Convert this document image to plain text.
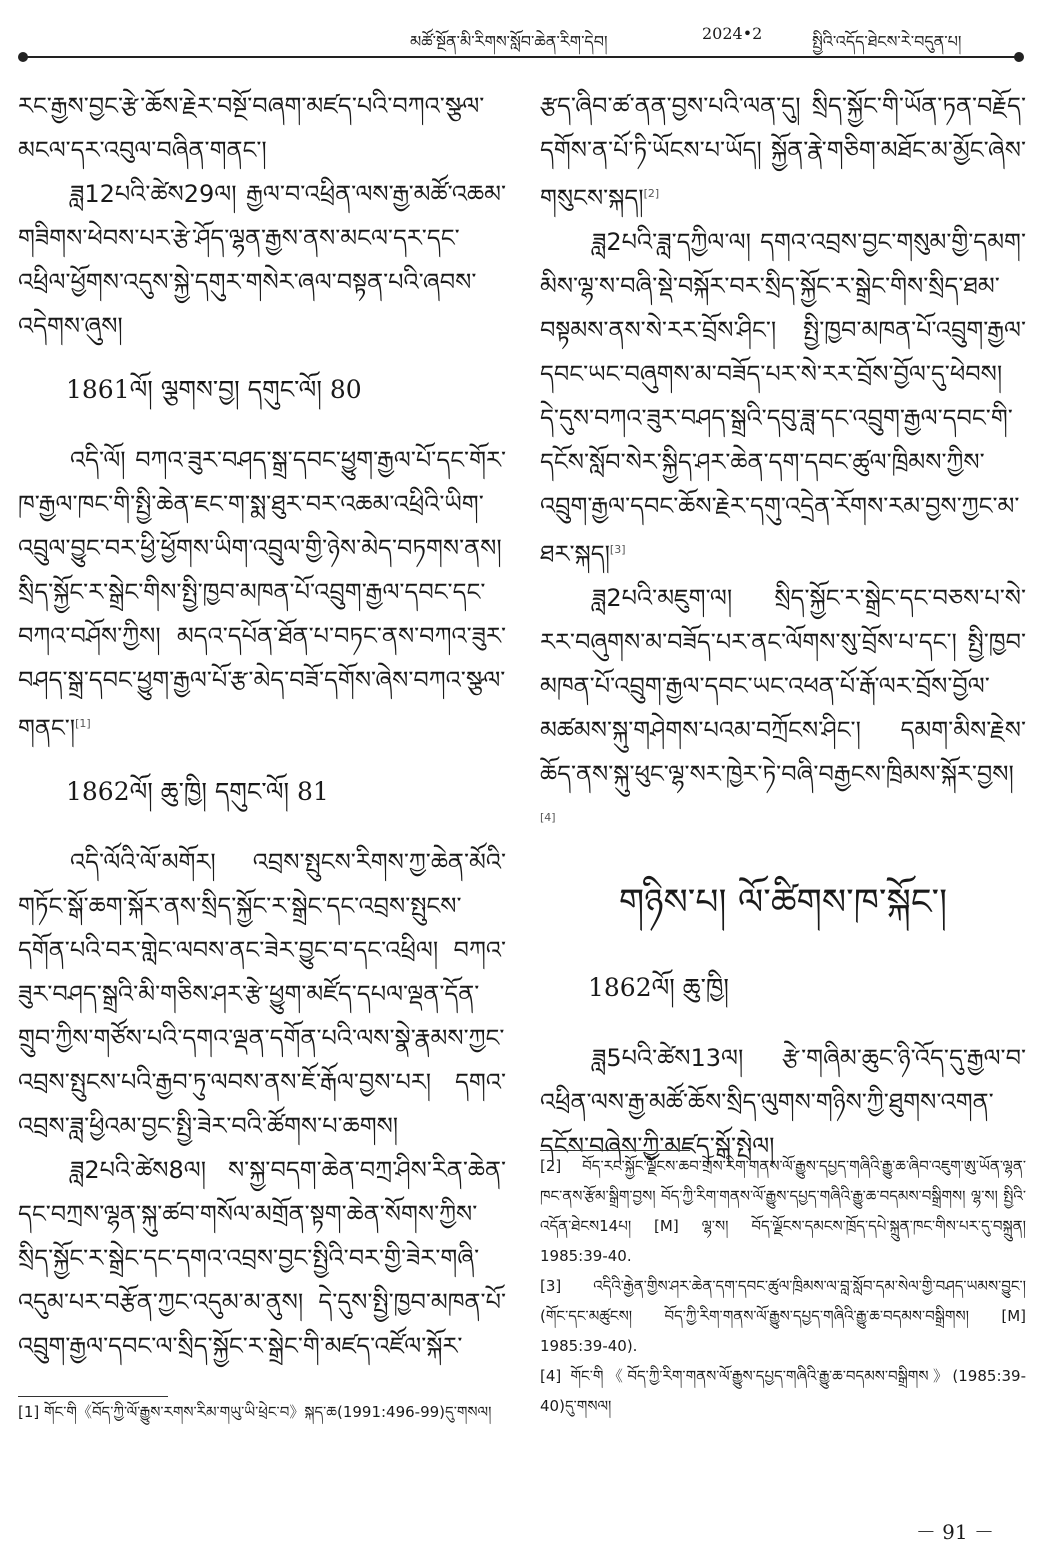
མཚོ་སྔོན་མི་རིགས་སློབ་ཆེན་རིག་དེབ།	2024•2	སྤྱིའི་འདོད་ཐེངས་རེ་བདུན་པ།

རང་རྒྱས་བྱང་རྩེ་ཆོས་རྗེར་བསྔོ་བཞག་མཛད་པའི་བཀའ་སྩལ་མངལ་དར་འབུལ་བཞིན་གནང་།

ཟླ12པའི་ཚེས29ལ། རྒྱལ་བ་འཕྲིན་ལས་རྒྱ་མཚོ་འཆམ་གཟིགས་ཕེབས་པར་རྩེ་ཤོད་ལྷན་རྒྱས་ནས་མངལ་དར་དང་འཕྲིལ་ཕྱོགས་འདུས་སྐྱེ་དགུར་གསེར་ཞལ་བསྟན་པའི་ཞབས་འདེགས་ཞུས།

1861ལོ། ལྕགས་བྱ། དགུང་ལོ། 80

འདི་ལོ། བཀའ་ཟུར་བཤད་སྒྲ་དབང་ཕྱུག་རྒྱལ་པོ་དང་གོར་ཁ་རྒྱལ་ཁང་གི་སྤྱི་ཆེན་ཇང་ག་སྨ་ཐུར་བར་འཆམ་འཕྲིའི་ཡིག་འབྲུལ་བྱུང་བར་ཕྱི་ཕྱོགས་ཡིག་འབྲུལ་གྱི་ཉེས་མེད་བཏགས་ནས། སྲིད་སྐྱོང་ར་སྒྲེང་གིས་སྤྱི་ཁྱབ་མཁན་པོ་འབྲུག་རྒྱལ་དབང་དང་བཀའ་བཤོས་ཀྱིས། མདའ་དཔོན་ཐོན་པ་བཏང་ནས་བཀའ་ཟུར་བཤད་སྒྲ་དབང་ཕྱུག་རྒྱལ་པོ་རྩ་མེད་བཟོ་དགོས་ཞེས་བཀའ་སྩལ་གནང་།[1]

1862ལོ། ཆུ་ཁྱི། དགུང་ལོ། 81

འདི་ལོའི་ལོ་མགོར། འབྲས་སྤུངས་རིགས་ཀྱ་ཆེན་མོའི་གཏོང་སྒོ་ཆག་སྐོར་ནས་སྲིད་སྐྱོང་ར་སྒྲེང་དང་འབྲས་སྤུངས་དགོན་པའི་བར་གླེང་ལབས་ནང་ཟེར་བྱུང་བ་དང་འཕྲིལ། བཀའ་ཟུར་བཤད་སྒྲའི་མི་གཅིས་ཤར་རྩེ་ཕྱུག་མཛོད་དཔལ་ལྡན་དོན་གྲུབ་ཀྱིས་གཙོས་པའི་དགའ་ལྡན་དགོན་པའི་ལས་སྣེ་རྣམས་ཀྱང་འབྲས་སྤུངས་པའི་རྒྱབ་ཏུ་ལབས་ནས་ཇོ་རྒོལ་བྱས་པར། དགའ་འབྲས་ཟླ་ཕྱིའམ་བྱང་སྤྱི་ཟེར་བའི་ཚོགས་པ་ཆགས།

ཟླ2པའི་ཚེས8ལ། ས་སྐྱ་བདག་ཆེན་བཀྲ་ཤིས་རིན་ཆེན་དང་བཀྲས་ལྷན་སྐུ་ཚབ་གསོལ་མགྲོན་སྟག་ཆེན་སོགས་ཀྱིས་སྲིད་སྐྱོང་ར་སྒྲེང་དང་དགའ་འབྲས་བྱང་སྤྱིའི་བར་གྱི་ཟེར་གཞི་འདུམ་པར་བརྩོན་ཀྱང་འདུམ་མ་ནུས། དེ་དུས་སྤྱི་ཁྱབ་མཁན་པོ་འབྲུག་རྒྱལ་དབང་ལ་སྲིད་སྐྱོང་ར་སྒྲེང་གི་མཛད་འཛོལ་སྐོར་

[1] གོང་གི《བོད་ཀྱི་ལོ་རྒྱུས་རགས་རིམ་གཡུ་ཡི་ཕྲེང་བ》སྐད་ཆ(1991:496-99)དུ་གསལ།

རྩད་ཞིབ་ཚ་ནན་བྱས་པའི་ལན་དུ། སྲིད་སྐྱོང་གི་ཡོན་ཏན་བརྗོད་དགོས་ན་པོ་ཏི་ཡོངས་པ་ཡོད། སྐྱོན་རྣེ་གཅིག་མཐོང་མ་མྱོང་ཞེས་གསུངས་སྐད།[2]

ཟླ2པའི་ཟླ་དཀྱིལ་ལ། དགའ་འབྲས་བྱང་གསུམ་གྱི་དམག་མིས་ལྷ་ས་བཞི་སྡེ་བསྐོར་བར་སྲིད་སྐྱོང་ར་སྒྲེང་གིས་སྲིད་ཐམ་བསྟམས་ནས་སེ་རར་བྲོས་ཤིང་། སྤྱི་ཁྱབ་མཁན་པོ་འབྲུག་རྒྱལ་དབང་ཡང་བཞུགས་མ་བཟོད་པར་སེ་རར་བྲོས་བྱོལ་དུ་ཕེབས། དེ་དུས་བཀའ་ཟུར་བཤད་སྒྲའི་དབུ་ཟླ་དང་འབྲུག་རྒྱལ་དབང་གི་དངོས་སློབ་སེར་སྐྱིད་ཤར་ཆེན་དག་དབང་ཚུལ་ཁྲིམས་ཀྱིས་འབྲུག་རྒྱལ་དབང་ཆོས་རྗེར་དགུ་འདྲེན་རོགས་རམ་བྱས་ཀྱང་མ་ཐར་སྐད།[3]

ཟླ2པའི་མཇུག་ལ། སྲིད་སྐྱོང་ར་སྒྲེང་དང་བཅས་པ་སེ་རར་བཞུགས་མ་བཟོད་པར་ནང་ལོགས་སུ་བྲོས་པ་དང་། སྤྱི་ཁྱབ་མཁན་པོ་འབྲུག་རྒྱལ་དབང་ཡང་འཕན་པོ་རྒོ་ལར་བྲོས་བྱོལ་མཚམས་སྐུ་གཤེགས་པའམ་བཀྲོངས་ཤིང་། དམག་མིས་རྗེས་ཆོད་ནས་སྐུ་ཕུང་ལྷ་སར་ཁྱེར་ཏེ་བཞི་བརྒྱངས་ཁྲིམས་སྐོར་བྱས།[4]

གཉིས་པ། ལོ་ཚིགས་ཁ་སྐོང་།
1862ལོ། ཆུ་ཁྱི།

ཟླ5པའི་ཚེས13ལ། རྩེ་གཞིམ་ཆུང་ཉི་འོད་དུ་རྒྱལ་བ་འཕྲིན་ལས་རྒྱ་མཚོ་ཆོས་སྲིད་ལུགས་གཉིས་ཀྱི་ཐུགས་འགན་དངོས་བཞེས་ཀྱི་མཛད་སྒོ་སྤེལ།

[2] བོད་རང་སྐྱོང་ལྗོངས་ཆབ་གྲོས་རིག་གནས་ལོ་རྒྱུས་དཔྱད་གཞིའི་རྒྱུ་ཆ་ཞིབ་འཇུག་ཨུ་ཡོན་ལྷན་ཁང་ནས་རྩོམ་སྒྲིག་བྱས། བོད་ཀྱི་རིག་གནས་ལོ་རྒྱུས་དཔྱད་གཞིའི་རྒྱུ་ཆ་བདམས་བསྒྲིགས། ལྷ་ས། སྤྱིའི་འདོན་ཐེངས14པ། [M] ལྷ་ས། བོད་ལྗོངས་དམངས་ཁྲོད་དཔེ་སྐྲུན་ཁང་གིས་པར་དུ་བསྐྲུན། 1985:39-40.

[3] འདིའི་རྒྱེན་གྱིས་ཤར་ཆེན་དག་དབང་ཚུལ་ཁྲིམས་ལ་བླ་སློབ་དམ་སེལ་གྱི་བཤད་ཡམས་བྱུང་། (གོང་དང་མཚུངས། བོད་ཀྱི་རིག་གནས་ལོ་རྒྱུས་དཔྱད་གཞིའི་རྒྱུ་ཆ་བདམས་བསྒྲིགས། [M] 1985:39-40).

[4] གོང་གི《བོད་ཀྱི་རིག་གནས་ལོ་རྒྱུས་དཔྱད་གཞིའི་རྒྱུ་ཆ་བདམས་བསྒྲིགས》(1985:39-40)དུ་གསལ།

－ 91 －
